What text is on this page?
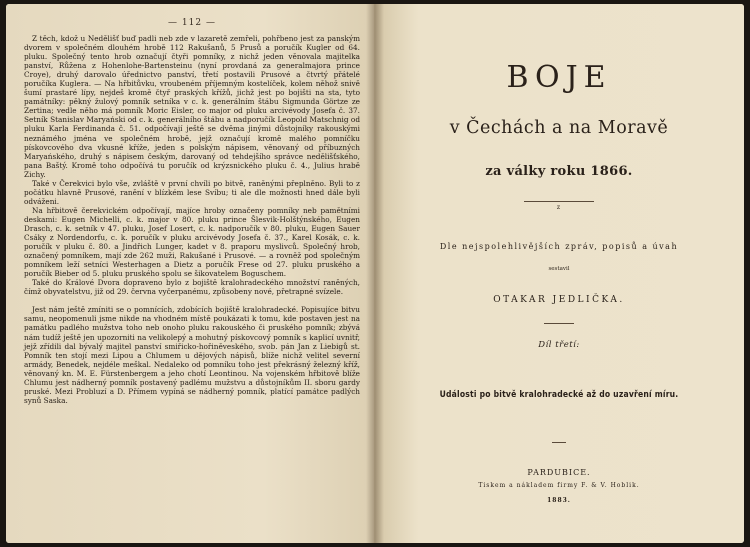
— 112 —

Z těch, kdož u Nedělišť buď padli neb zde v lazaretě zemřeli, pohřbeno jest za panským dvorem v společném dlouhém hrobě 112 Rakušanů, 5 Prusů a poručík Kugler od 64. pluku. Společný tento hrob označují čtyři pomníky, z nichž jeden věnovala majitelka panství, Růžena z Hohenlohe-Bartensteinu (nyní provdaná za generalmajora prince Croye), druhý darovalo úřednictvo panství, třetí postavili Prusové a čtvrtý přátelé poručíka Kuglera. — Na hřbitůvku, vroubeném příjemným kostelíček, kolem něhož snivě šumí prastaré lípy, nejdeš kromě čtyř praských křížů, jichž jest po bojišti na sta, tyto památníky: pěkný žulový pomník setníka v c. k. generálním štábu Sigmunda Görtze ze Zertina; vedle něho má pomník Moric Eisler, co major od pluku arcivévody Josefa č. 37. Setník Stanislav Maryański od c. k. generálního štábu a nadporučík Leopold Matschnig od pluku Karla Ferdinanda č. 51. odpočívají ještě se dvěma jinými důstojníky rakouskými neznámého jména ve společném hrobě, jejž označují kromě malého pomníčku pískovcového dva vkusné kříže, jeden s polským nápisem, věnovaný od příbuzných Maryańského, druhý s nápisem českým, darovaný od tehdejšího správce nedělišťského, pana Baštý. Kromě toho odpočívá tu poručík od krýzsnického pluku č. 4., Julius hrabě Zichy.

Také v Čerekvici bylo vše, zvláště v první chvíli po bitvě, raněnými přeplněno. Byli to z počátku hlavně Prusové, ranění v blízkém lese Svíbu; ti ale dle možnosti hned dále byli odváženi.

Na hřbitově čerekvickém odpočívají, majíce hroby označeny pomníky neb pamětními deskami: Eugen Michelli, c. k. major v 80. pluku prince Šlesvik-Holštýnského, Eugen Drasch, c. k. setník v 47. pluku, Josef Losert, c. k. nadporučík v 80. pluku, Eugen Sauer Csáky z Nordendorfu, c. k. poručík v pluku arcivévody Josefa č. 37., Karel Kosák, c. k. poručík v pluku č. 80. a Jindřich Lunger, kadet v 8. praporu myslivců. Společný hrob, označený pomníkem, mají zde 262 muži, Rakušané i Prusové. — a rovněž pod společným pomníkem leží setníci Westerhagen a Dietz a poručík Frese od 27. pluku pruského a poručík Bieber od 5. pluku pruského spolu se šikovatelem Boguschem.

Také do Králové Dvora dopraveno bylo z bojiště kralohradeckého množství raněných, čímž obyvatelstvu, již od 29. června vyčerpanému, způsobeny nové, přetrapné svízele.

Jest nám ještě zmíniti se o pomnících, zdobících bojiště kralohradecké. Popisujíce bitvu samu, neopomenuli jsme nikde na vhodném místě poukázati k tomu, kde postaven jest na památku padlého mužstva toho neb onoho pluku rakouského či pruského pomník; zbývá nám tudíž ještě jen upozorniti na velikolepý a mohutný pískovcový pomník s kaplicí uvnitř, jejž zřídili dal bývalý majitel panství smiřicko-hořiněveského, svob. pán Jan z Liebigů st. Pomník ten stojí mezi Lipou a Chlumem u dějových nápisů, blíže nichž velitel severní armády, Benedek, nejdéle meškal. Nedaleko od pomníku toho jest překrásný železný kříž, věnovaný kn. M. E. Fürstenbergem a jeho chotí Leontinou. Na vojenském hřbitově blíže Chlumu jest nádherný pomník postavený padlému mužstvu a důstojníkům II. sboru gardy pruské. Mezi Probluzí a D. Přímem vypíná se nádherný pomník, platící památce padlých synů Saska.

BOJE
v Čechách a na Moravě
za války roku 1866.
z
Dle nejspolehlivějších zpráv, popisů a úvah
sestavil
OTAKAR JEDLIČKA.
Díl třetí:
Události po bitvě kralohradecké až do uzavření míru.
PARDUBICE.
Tiskem a nákladem firmy F. & V. Hoblik.
1883.
